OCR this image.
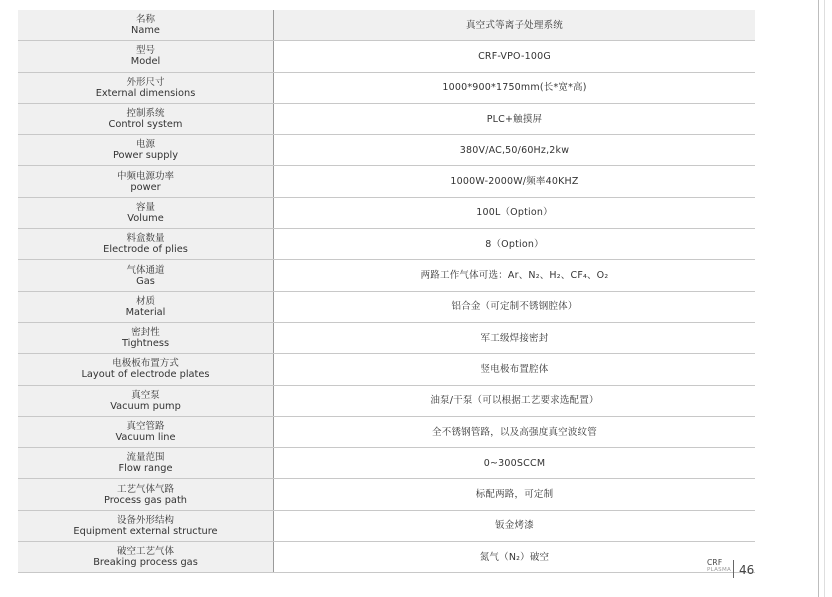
名称
Name	真空式等离子处理系统

型号
Model	CRF-VPO-100G

外形尺寸
External dimensions	1000*900*1750mm(长*宽*高)

控制系统
Control system	PLC+触摸屏

电源
Power supply	380V/AC,50/60Hz,2kw

中频电源功率
power	1000W-2000W/频率40KHZ

容量
Volume	100L（Option）

料盒数量
Electrode of plies	8（Option）

气体通道
Gas	两路工作气体可选：Ar、N₂、H₂、CF₄、O₂

材质
Material	铝合金（可定制不锈钢腔体）

密封性
Tightness	军工级焊接密封

电极板布置方式
Layout of electrode plates	竖电极布置腔体

真空泵
Vacuum pump	油泵/干泵（可以根据工艺要求选配置）

真空管路
Vacuum line	全不锈钢管路，以及高强度真空波纹管

流量范围
Flow range	0~300SCCM

工艺气体气路
Process gas path	标配两路，可定制

设备外形结构
Equipment external structure	钣金烤漆

破空工艺气体
Breaking process gas	氮气（N₂）破空	CRF
PLASMA 46
